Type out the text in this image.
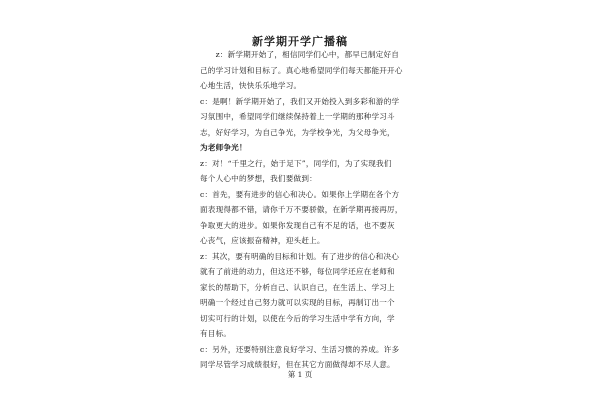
新学期开学广播稿
　　z：新学期开始了，相信同学们心中，都早已制定好自
己的学习计划和目标了。真心地希望同学们每天都能开开心
心地生活，快快乐乐地学习。
c：是啊！新学期开始了，我们又开始投入到多彩和游的学
习氛围中，希望同学们继续保持着上一学期的那种学习斗
志，好好学习，为自己争光，为学校争光，为父母争光，
为老师争光！
z：对！“千里之行，始于足下”，同学们，为了实现我们
每个人心中的梦想，我们要做到：
c：首先，要有进步的信心和决心。如果你上学期在各个方
面表现得都不错，请你千万不要骄傲，在新学期再接再厉，
争取更大的进步。如果你发现自己有不足的话，也不要灰
心丧气，应该振奋精神，迎头赶上。
z：其次，要有明确的目标和计划。有了进步的信心和决心
就有了前进的动力，但这还不够，每位同学还应在老师和
家长的帮助下，分析自己、认识自己，在生活上、学习上
明确一个经过自己努力就可以实现的目标，再制订出一个
切实可行的计划，以使在今后的学习生活中学有方向，学
有目标。
c：另外，还要特别注意良好学习、生活习惯的养成。许多
同学尽管学习成绩很好，但在其它方面做得却不尽人意。
第 1 页
